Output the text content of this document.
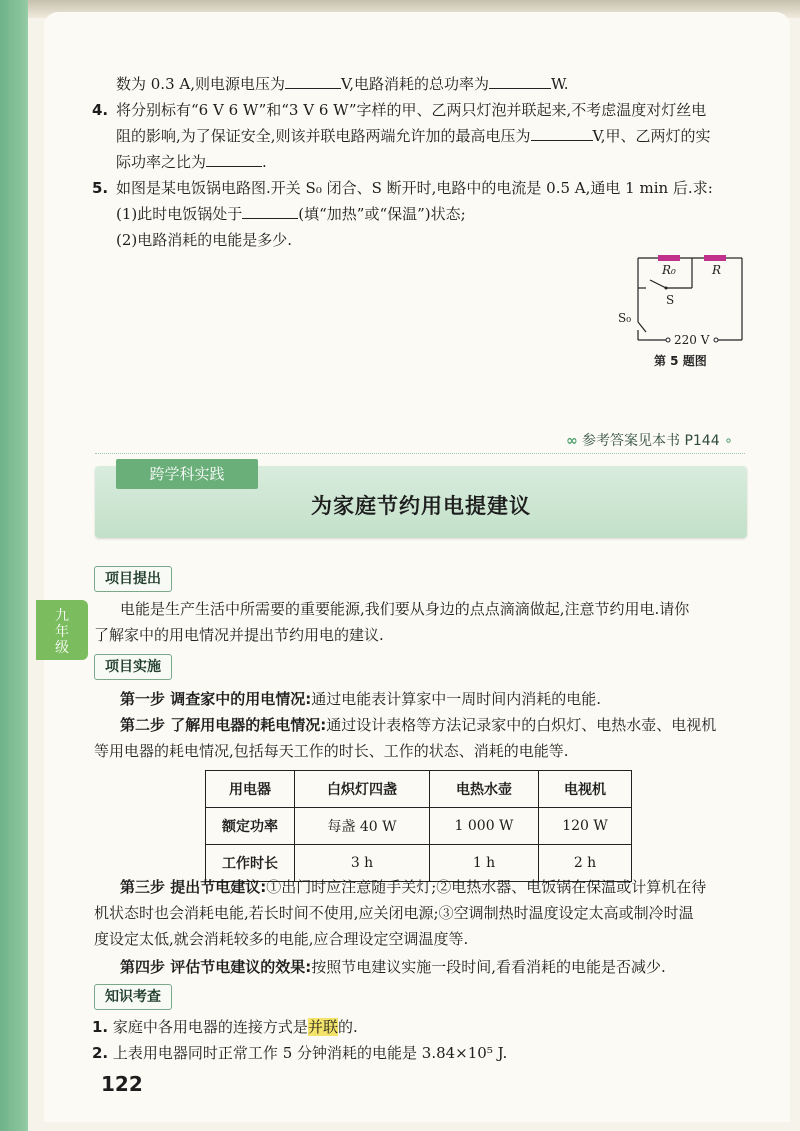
数为 0.3 A,则电源电压为	V,电路消耗的总功率为	W.
4. 将分别标有“6 V 6 W”和“3 V 6 W”字样的甲、乙两只灯泡并联起来,不考虑温度对灯丝电
阻的影响,为了保证安全,则该并联电路两端允许加的最高电压为	V,甲、乙两灯的实
际功率之比为	.
5. 如图是某电饭锅电路图.开关 S₀ 闭合、S 断开时,电路中的电流是 0.5 A,通电 1 min 后.求:
(1)此时电饭锅处于	(填“加热”或“保温”)状态;
(2)电路消耗的电能是多少.
R₀	R
S
S₀
220 V
第 5 题图
∞ 参考答案见本书 P144 ∘
跨学科实践
为家庭节约用电提建议
九
年
级
项目提出
电能是生产生活中所需要的重要能源,我们要从身边的点点滴滴做起,注意节约用电.请你
了解家中的用电情况并提出节约用电的建议.
项目实施
第一步 调查家中的用电情况:通过电能表计算家中一周时间内消耗的电能.
第二步 了解用电器的耗电情况:通过设计表格等方法记录家中的白炽灯、电热水壶、电视机
等用电器的耗电情况,包括每天工作的时长、工作的状态、消耗的电能等.
用电器	白炽灯四盏	电热水壶	电视机
额定功率	每盏 40 W	1 000 W	120 W
工作时长	3 h	1 h	2 h
第三步 提出节电建议:①出门时应注意随手关灯;②电热水器、电饭锅在保温或计算机在待
机状态时也会消耗电能,若长时间不使用,应关闭电源;③空调制热时温度设定太高或制冷时温
度设定太低,就会消耗较多的电能,应合理设定空调温度等.
第四步 评估节电建议的效果:按照节电建议实施一段时间,看看消耗的电能是否减少.
知识考查
1. 家庭中各用电器的连接方式是并联的.
2. 上表用电器同时正常工作 5 分钟消耗的电能是 3.84×10⁵ J.
122
